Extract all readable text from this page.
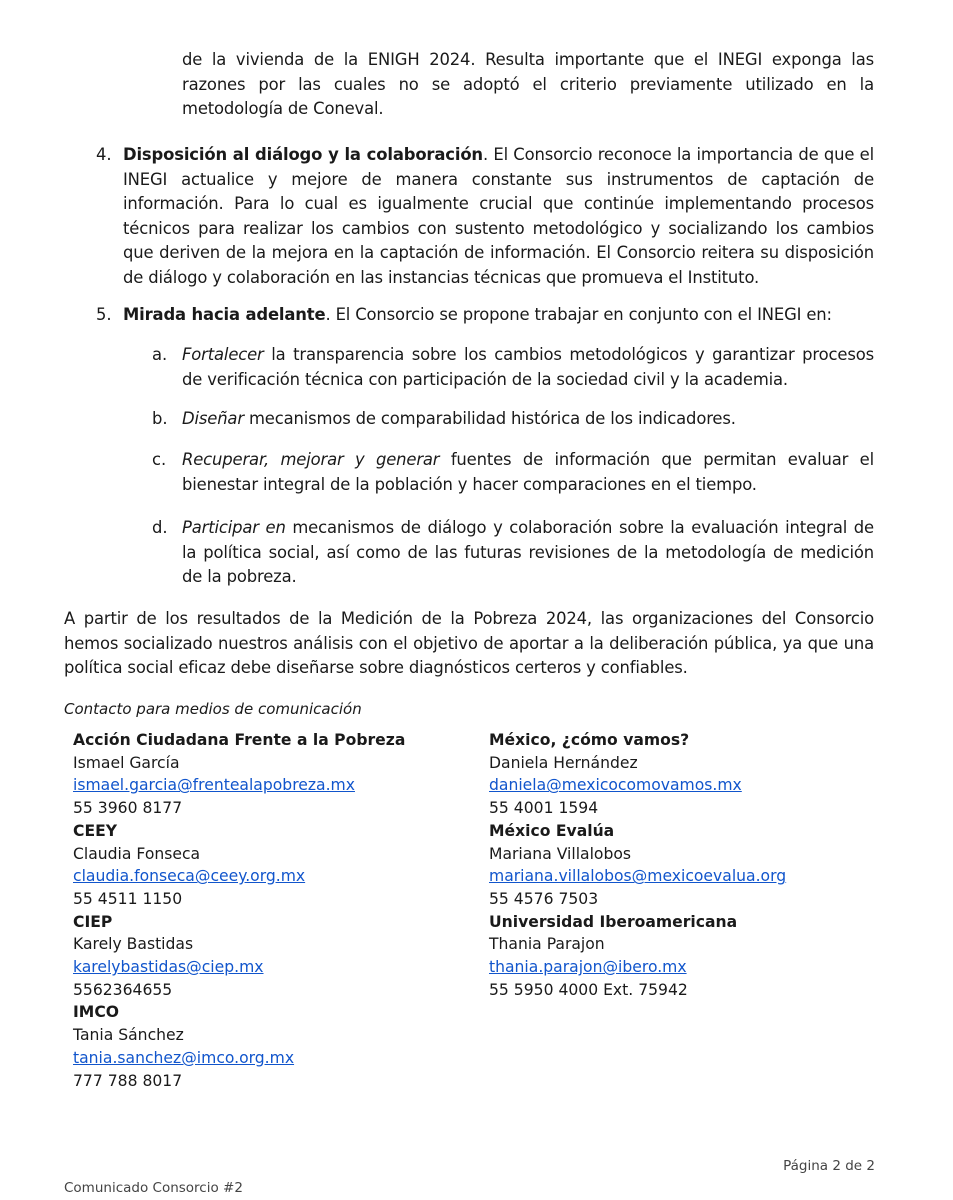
de la vivienda de la ENIGH 2024. Resulta importante que el INEGI exponga las razones por las cuales no se adoptó el criterio previamente utilizado en la metodología de Coneval.
4. Disposición al diálogo y la colaboración. El Consorcio reconoce la importancia de que el INEGI actualice y mejore de manera constante sus instrumentos de captación de información. Para lo cual es igualmente crucial que continúe implementando procesos técnicos para realizar los cambios con sustento metodológico y socializando los cambios que deriven de la mejora en la captación de información. El Consorcio reitera su disposición de diálogo y colaboración en las instancias técnicas que promueva el Instituto.
5. Mirada hacia adelante. El Consorcio se propone trabajar en conjunto con el INEGI en:
a. Fortalecer la transparencia sobre los cambios metodológicos y garantizar procesos de verificación técnica con participación de la sociedad civil y la academia.
b. Diseñar mecanismos de comparabilidad histórica de los indicadores.
c. Recuperar, mejorar y generar fuentes de información que permitan evaluar el bienestar integral de la población y hacer comparaciones en el tiempo.
d. Participar en mecanismos de diálogo y colaboración sobre la evaluación integral de la política social, así como de las futuras revisiones de la metodología de medición de la pobreza.
A partir de los resultados de la Medición de la Pobreza 2024, las organizaciones del Consorcio hemos socializado nuestros análisis con el objetivo de aportar a la deliberación pública, ya que una política social eficaz debe diseñarse sobre diagnósticos certeros y confiables.
Contacto para medios de comunicación
Acción Ciudadana Frente a la Pobreza
Ismael García
ismael.garcia@frentealapobreza.mx
55 3960 8177
CEEY
Claudia Fonseca
claudia.fonseca@ceey.org.mx
55 4511 1150
CIEP
Karely Bastidas
karelybastidas@ciep.mx
5562364655
IMCO
Tania Sánchez
tania.sanchez@imco.org.mx
777 788 8017
México, ¿cómo vamos?
Daniela Hernández
daniela@mexicocomovamos.mx
55 4001 1594
México Evalúa
Mariana Villalobos
mariana.villalobos@mexicoevalua.org
55 4576 7503
Universidad Iberoamericana
Thania Parajon
thania.parajon@ibero.mx
55 5950 4000 Ext. 75942
Página 2 de 2
Comunicado Consorcio #2
